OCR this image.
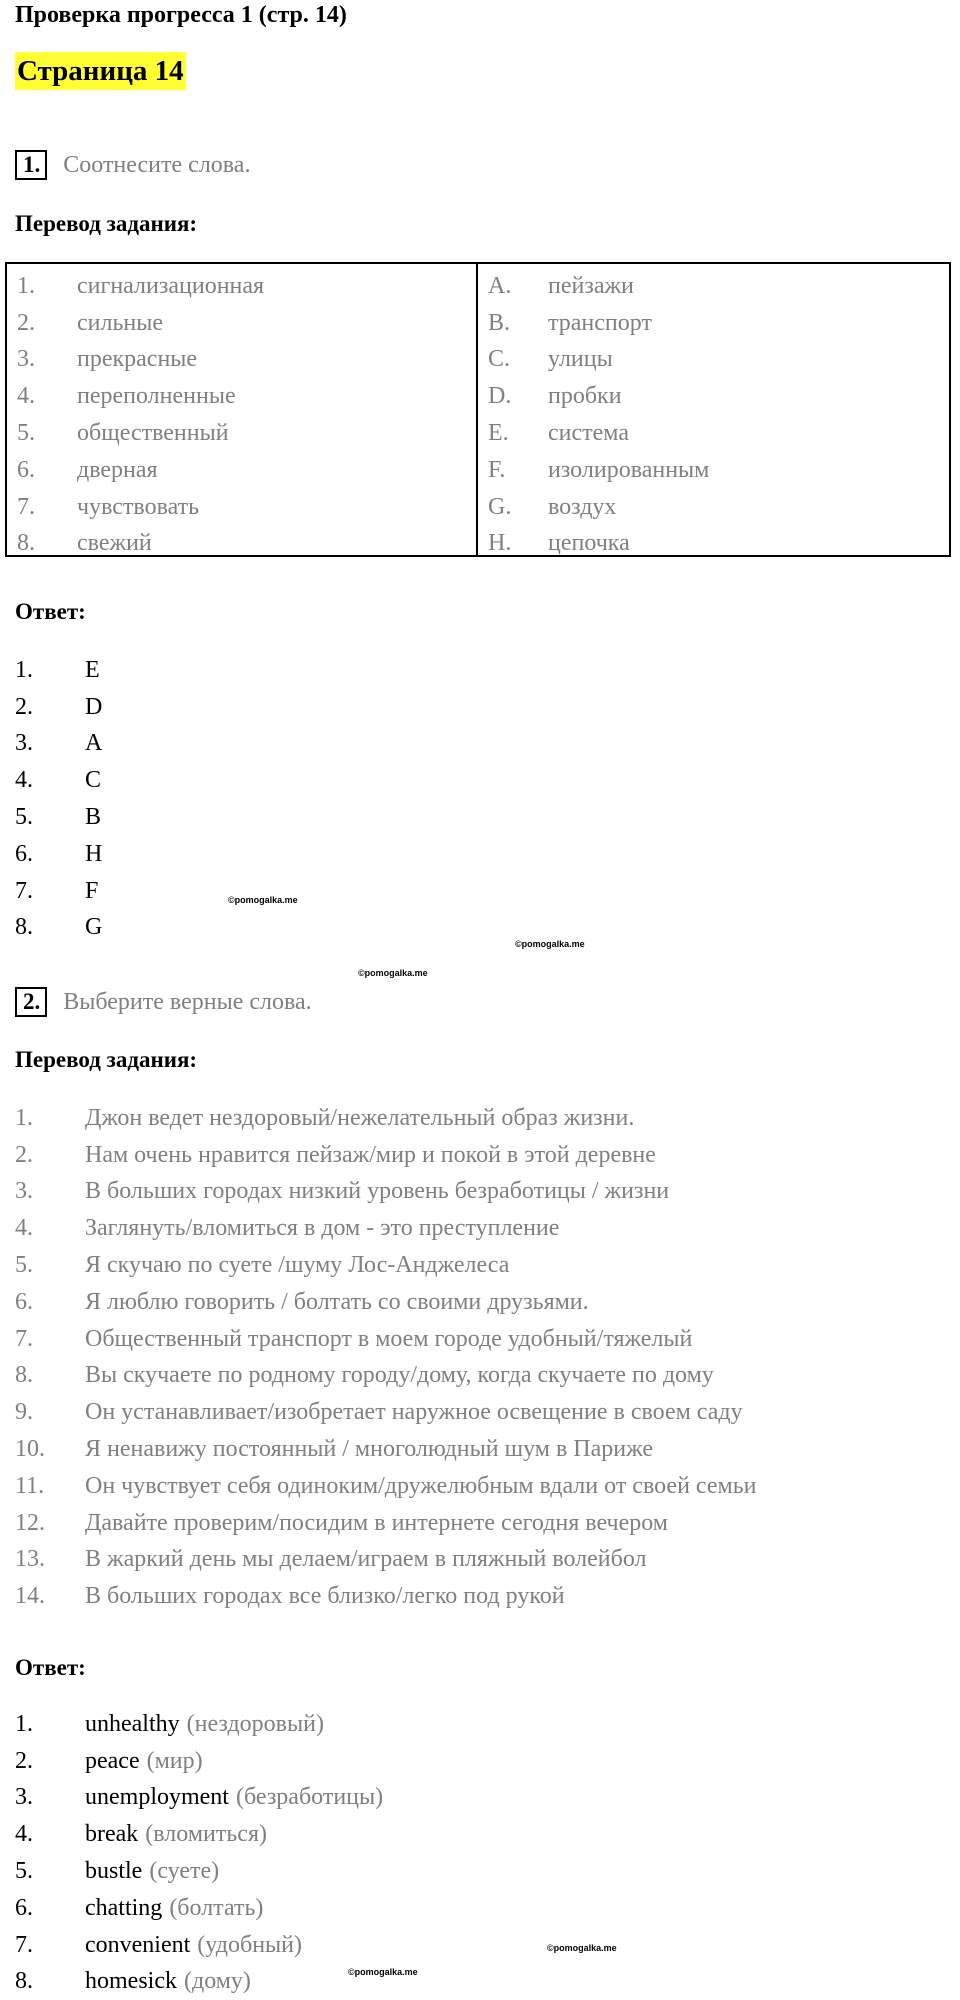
Проверка прогресса 1 (стр. 14)
Страница 14
1. Соотнесите слова.
Перевод задания:
1.	сигнализационная
2.	сильные
3.	прекрасные
4.	переполненные
5.	общественный
6.	дверная
7.	чувствовать
8.	свежий
A.	пейзажи
B.	транспорт
C.	улицы
D.	пробки
E.	система
F.	изолированным
G.	воздух
H.	цепочка
Ответ:
1.	E
2.	D
3.	A
4.	C
5.	B
6.	H
7.	F
8.	G
©pomogalka.me
©pomogalka.me
©pomogalka.me
2. Выберите верные слова.
Перевод задания:
1.	Джон ведет нездоровый/нежелательный образ жизни.
2.	Нам очень нравится пейзаж/мир и покой в этой деревне
3.	В больших городах низкий уровень безработицы / жизни
4.	Заглянуть/вломиться в дом - это преступление
5.	Я скучаю по суете /шуму Лос-Анджелеса
6.	Я люблю говорить / болтать со своими друзьями.
7.	Общественный транспорт в моем городе удобный/тяжелый
8.	Вы скучаете по родному городу/дому, когда скучаете по дому
9.	Он устанавливает/изобретает наружное освещение в своем саду
10.	Я ненавижу постоянный / многолюдный шум в Париже
11.	Он чувствует себя одиноким/дружелюбным вдали от своей семьи
12.	Давайте проверим/посидим в интернете сегодня вечером
13.	В жаркий день мы делаем/играем в пляжный волейбол
14.	В больших городах все близко/легко под рукой
Ответ:
1.	unhealthy (нездоровый)
2.	peace (мир)
3.	unemployment (безработицы)
4.	break (вломиться)
5.	bustle (суете)
6.	chatting (болтать)
7.	convenient (удобный)
8.	homesick (дому)
©pomogalka.me
©pomogalka.me
